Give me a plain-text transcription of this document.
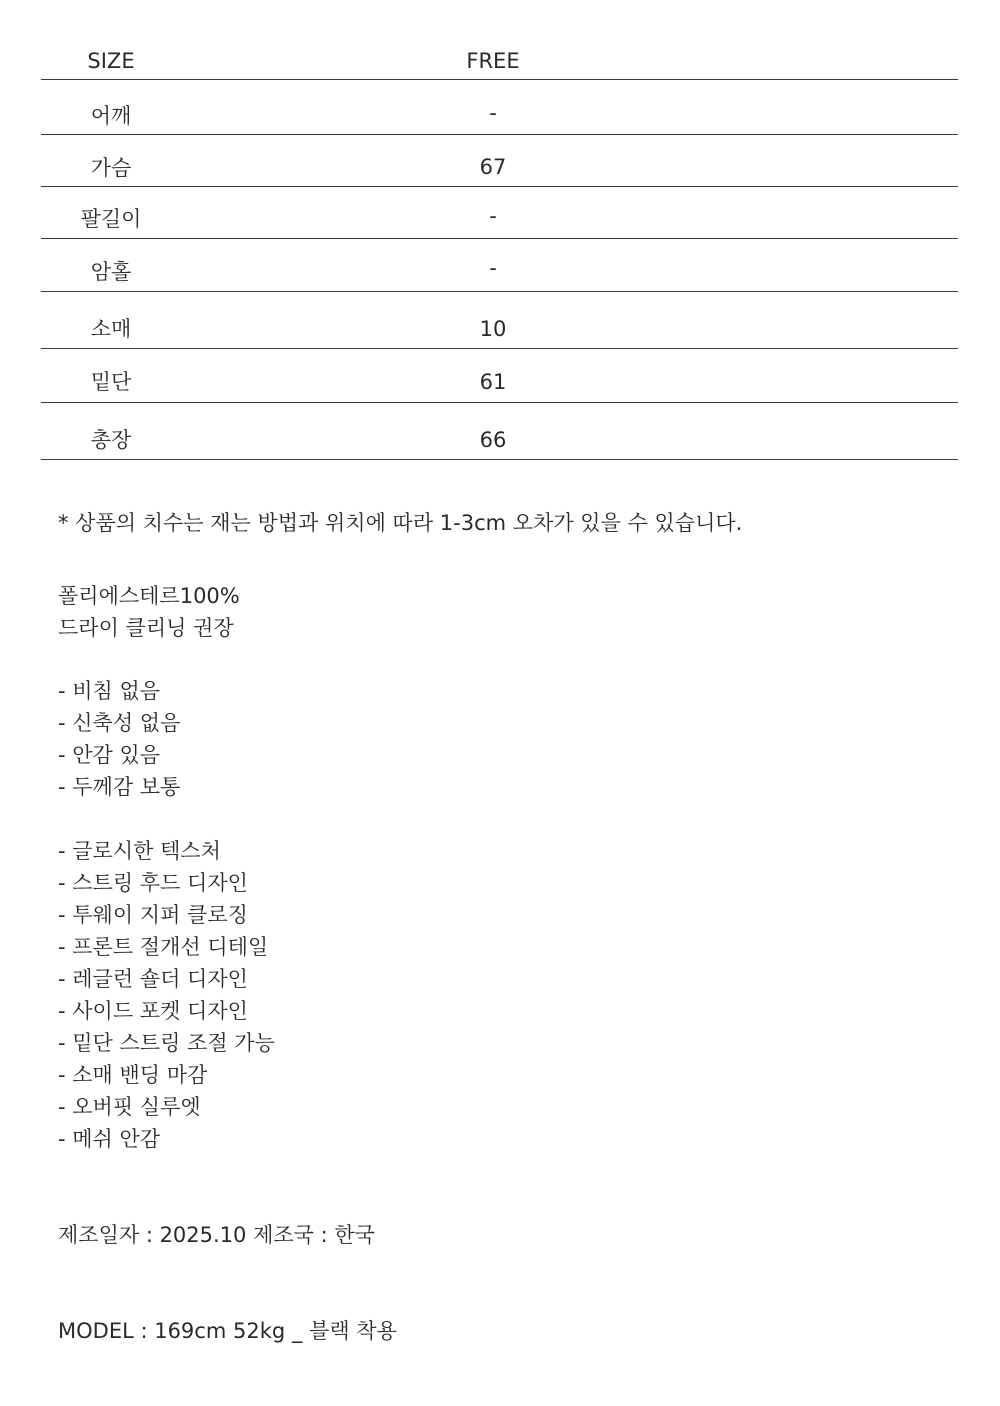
SIZE	FREE
어깨	-
가슴	67
팔길이	-
암홀	-
소매	10
밑단	61
총장	66
* 상품의 치수는 재는 방법과 위치에 따라 1-3cm 오차가 있을 수 있습니다.
폴리에스테르100%
드라이 클리닝 권장
- 비침 없음
- 신축성 없음
- 안감 있음
- 두께감 보통
- 글로시한 텍스처
- 스트링 후드 디자인
- 투웨이 지퍼 클로징
- 프론트 절개선 디테일
- 레글런 숄더 디자인
- 사이드 포켓 디자인
- 밑단 스트링 조절 가능
- 소매 밴딩 마감
- 오버핏 실루엣
- 메쉬 안감
제조일자 : 2025.10 제조국 : 한국
MODEL : 169cm 52kg _ 블랙 착용
